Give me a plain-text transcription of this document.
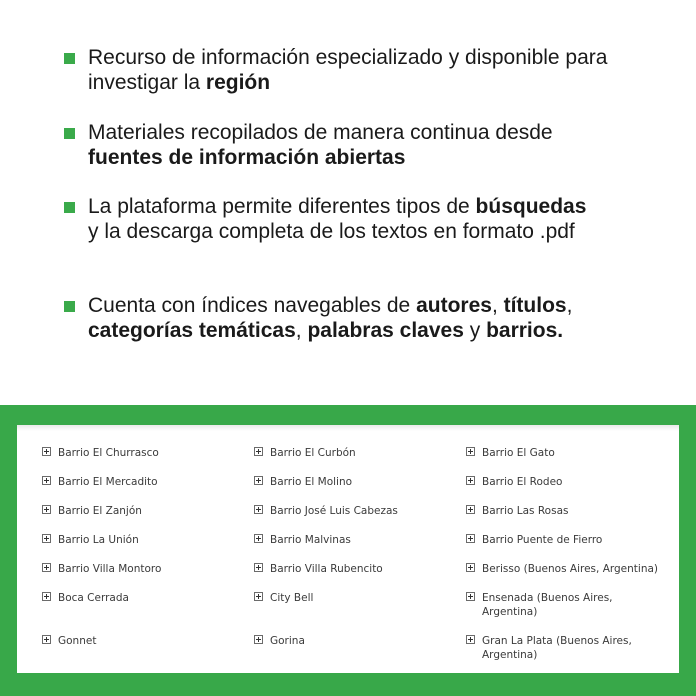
Recurso de información especializado y disponible para investigar la región
Materiales recopilados de manera continua desde
fuentes de información abiertas
La plataforma permite diferentes tipos de búsquedas y la descarga completa de los textos en formato .pdf
Cuenta con índices navegables de autores, títulos, categorías temáticas, palabras claves y barrios.
Barrio El Churrasco
Barrio El Mercadito
Barrio El Zanjón
Barrio La Unión
Barrio Villa Montoro
Boca Cerrada
Gonnet
Barrio El Curbón
Barrio El Molino
Barrio José Luis Cabezas
Barrio Malvinas
Barrio Villa Rubencito
City Bell
Gorina
Barrio El Gato
Barrio El Rodeo
Barrio Las Rosas
Barrio Puente de Fierro
Berisso (Buenos Aires, Argentina)
Ensenada (Buenos Aires, Argentina)
Gran La Plata (Buenos Aires, Argentina)
